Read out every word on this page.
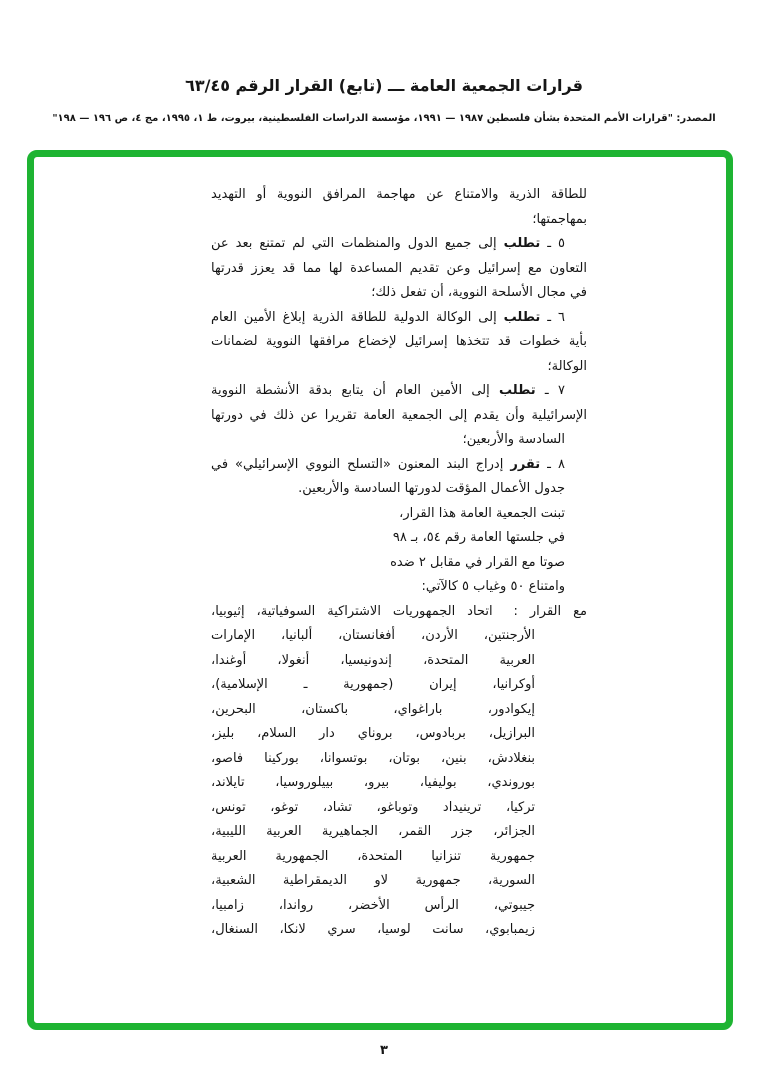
قرارات الجمعية العامة ـــ (تابع) القرار الرقم ٦٣/٤٥
المصدر: "قرارات الأمم المتحدة بشأن فلسطين ١٩٨٧ — ١٩٩١، مؤسسة الدراسات الفلسطينية، بيروت، ط ١، ١٩٩٥، مج ٤، ص ١٩٦ — ١٩٨"
للطاقة الذرية والامتناع عن مهاجمة المرافق النووية أو التهديد
بمهاجمتها؛
٥ ـ تطلب إلى جميع الدول والمنظمات التي لم تمتنع بعد عن
التعاون مع إسرائيل وعن تقديم المساعدة لها مما قد يعزز قدرتها
في مجال الأسلحة النووية، أن تفعل ذلك؛
٦ ـ تطلب إلى الوكالة الدولية للطاقة الذرية إبلاغ الأمين العام
بأية خطوات قد تتخذها إسرائيل لإخضاع مرافقها النووية لضمانات
الوكالة؛
٧ ـ تطلب إلى الأمين العام أن يتابع بدقة الأنشطة النووية
الإسرائيلية وأن يقدم إلى الجمعية العامة تقريرا عن ذلك في دورتها
السادسة والأربعين؛
٨ ـ تقرر إدراج البند المعنون «التسلح النووي الإسرائيلي» في
جدول الأعمال المؤقت لدورتها السادسة والأربعين.
تبنت الجمعية العامة هذا القرار،
في جلستها العامة رقم ٥٤، بـ ٩٨
صوتا مع القرار في مقابل ٢ ضده
وامتناع ٥٠ وغياب ٥ كالآتي:
مع القرار : اتحاد الجمهوريات الاشتراكية السوفياتية، إثيوبيا،
الأرجنتين، الأردن، أفغانستان، ألبانيا، الإمارات
العربية المتحدة، إندونيسيا، أنغولا، أوغندا،
أوكرانيا، إيران (جمهورية ـ الإسلامية)،
إيكوادور، باراغواي، باكستان، البحرين،
البرازيل، بربادوس، بروناي دار السلام، بليز،
بنغلادش، بنين، بوتان، بوتسوانا، بوركينا فاصو،
بوروندي، بوليفيا، بيرو، بييلوروسيا، تايلاند،
تركيا، ترينيداد وتوباغو، تشاد، توغو، تونس،
الجزائر، جزر القمر، الجماهيرية العربية الليبية،
جمهورية تنزانيا المتحدة، الجمهورية العربية
السورية، جمهورية لاو الديمقراطية الشعبية،
جيبوتي، الرأس الأخضر، رواندا، زامبيا،
زيمبابوي، سانت لوسيا، سري لانكا، السنغال،
٣
